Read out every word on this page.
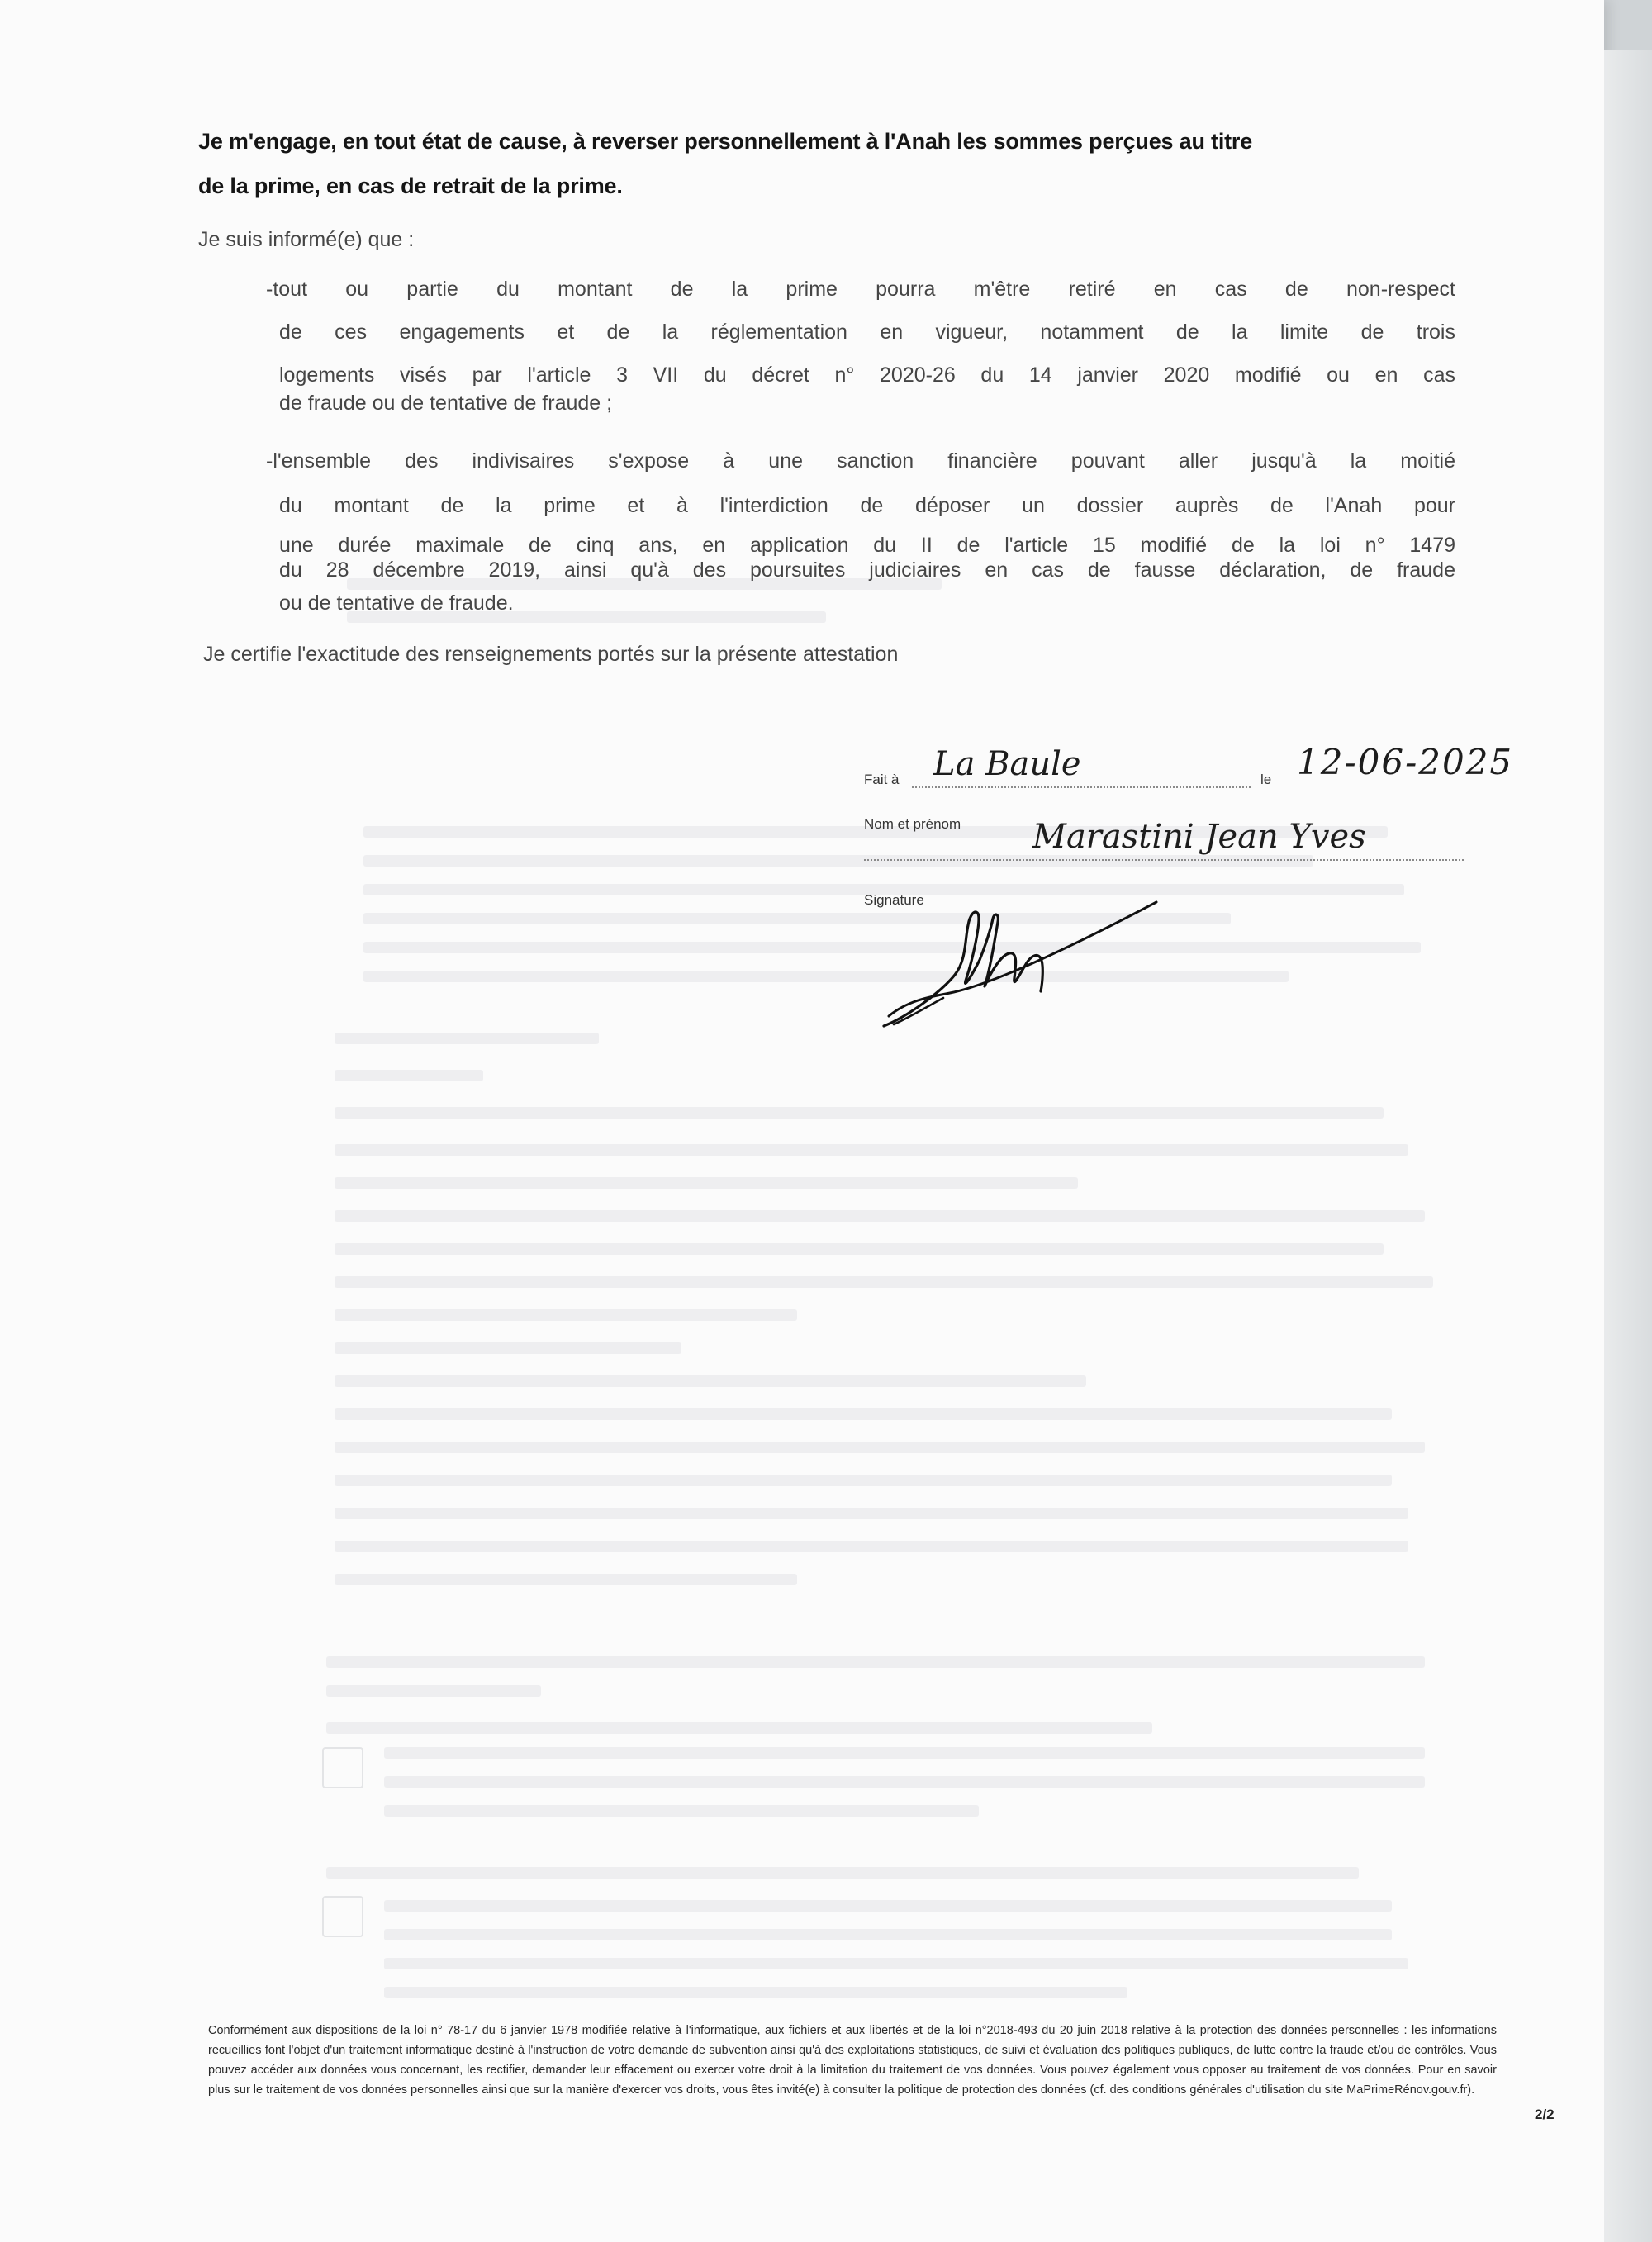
Je m'engage, en tout état de cause, à reverser personnellement à l'Anah les sommes perçues au titre
de la prime, en cas de retrait de la prime.
Je suis informé(e) que :
-tout ou partie du montant de la prime pourra m'être retiré en cas de non-respect
de ces engagements et de la réglementation en vigueur, notamment de la limite de trois
logements visés par l'article 3 VII du décret n° 2020-26 du 14 janvier 2020 modifié ou en cas
de fraude ou de tentative de fraude ;
-l'ensemble des indivisaires s'expose à une sanction financière pouvant aller jusqu'à la moitié
du montant de la prime et à l'interdiction de déposer un dossier auprès de l'Anah pour
une durée maximale de cinq ans, en application du II de l'article 15 modifié de la loi n° 1479
du 28 décembre 2019, ainsi qu'à des poursuites judiciaires en cas de fausse déclaration, de fraude
ou de tentative de fraude.
Je certifie l'exactitude des renseignements portés sur la présente attestation
Fait à La Baule	le 12-06-2025
Nom et prénom Marastini Jean Yves
Signature
Conformément aux dispositions de la loi n° 78-17 du 6 janvier 1978 modifiée relative à l'informatique, aux fichiers et aux libertés et de la loi n°2018-493 du 20 juin 2018 relative à la protection des données personnelles : les informations recueillies font l'objet d'un traitement informatique destiné à l'instruction de votre demande de subvention ainsi qu'à des exploitations statistiques, de suivi et évaluation des politiques publiques, de lutte contre la fraude et/ou de contrôles. Vous pouvez accéder aux données vous concernant, les rectifier, demander leur effacement ou exercer votre droit à la limitation du traitement de vos données. Vous pouvez également vous opposer au traitement de vos données. Pour en savoir plus sur le traitement de vos données personnelles ainsi que sur la manière d'exercer vos droits, vous êtes invité(e) à consulter la politique de protection des données (cf. des conditions générales d'utilisation du site MaPrimeRénov.gouv.fr).
2/2
